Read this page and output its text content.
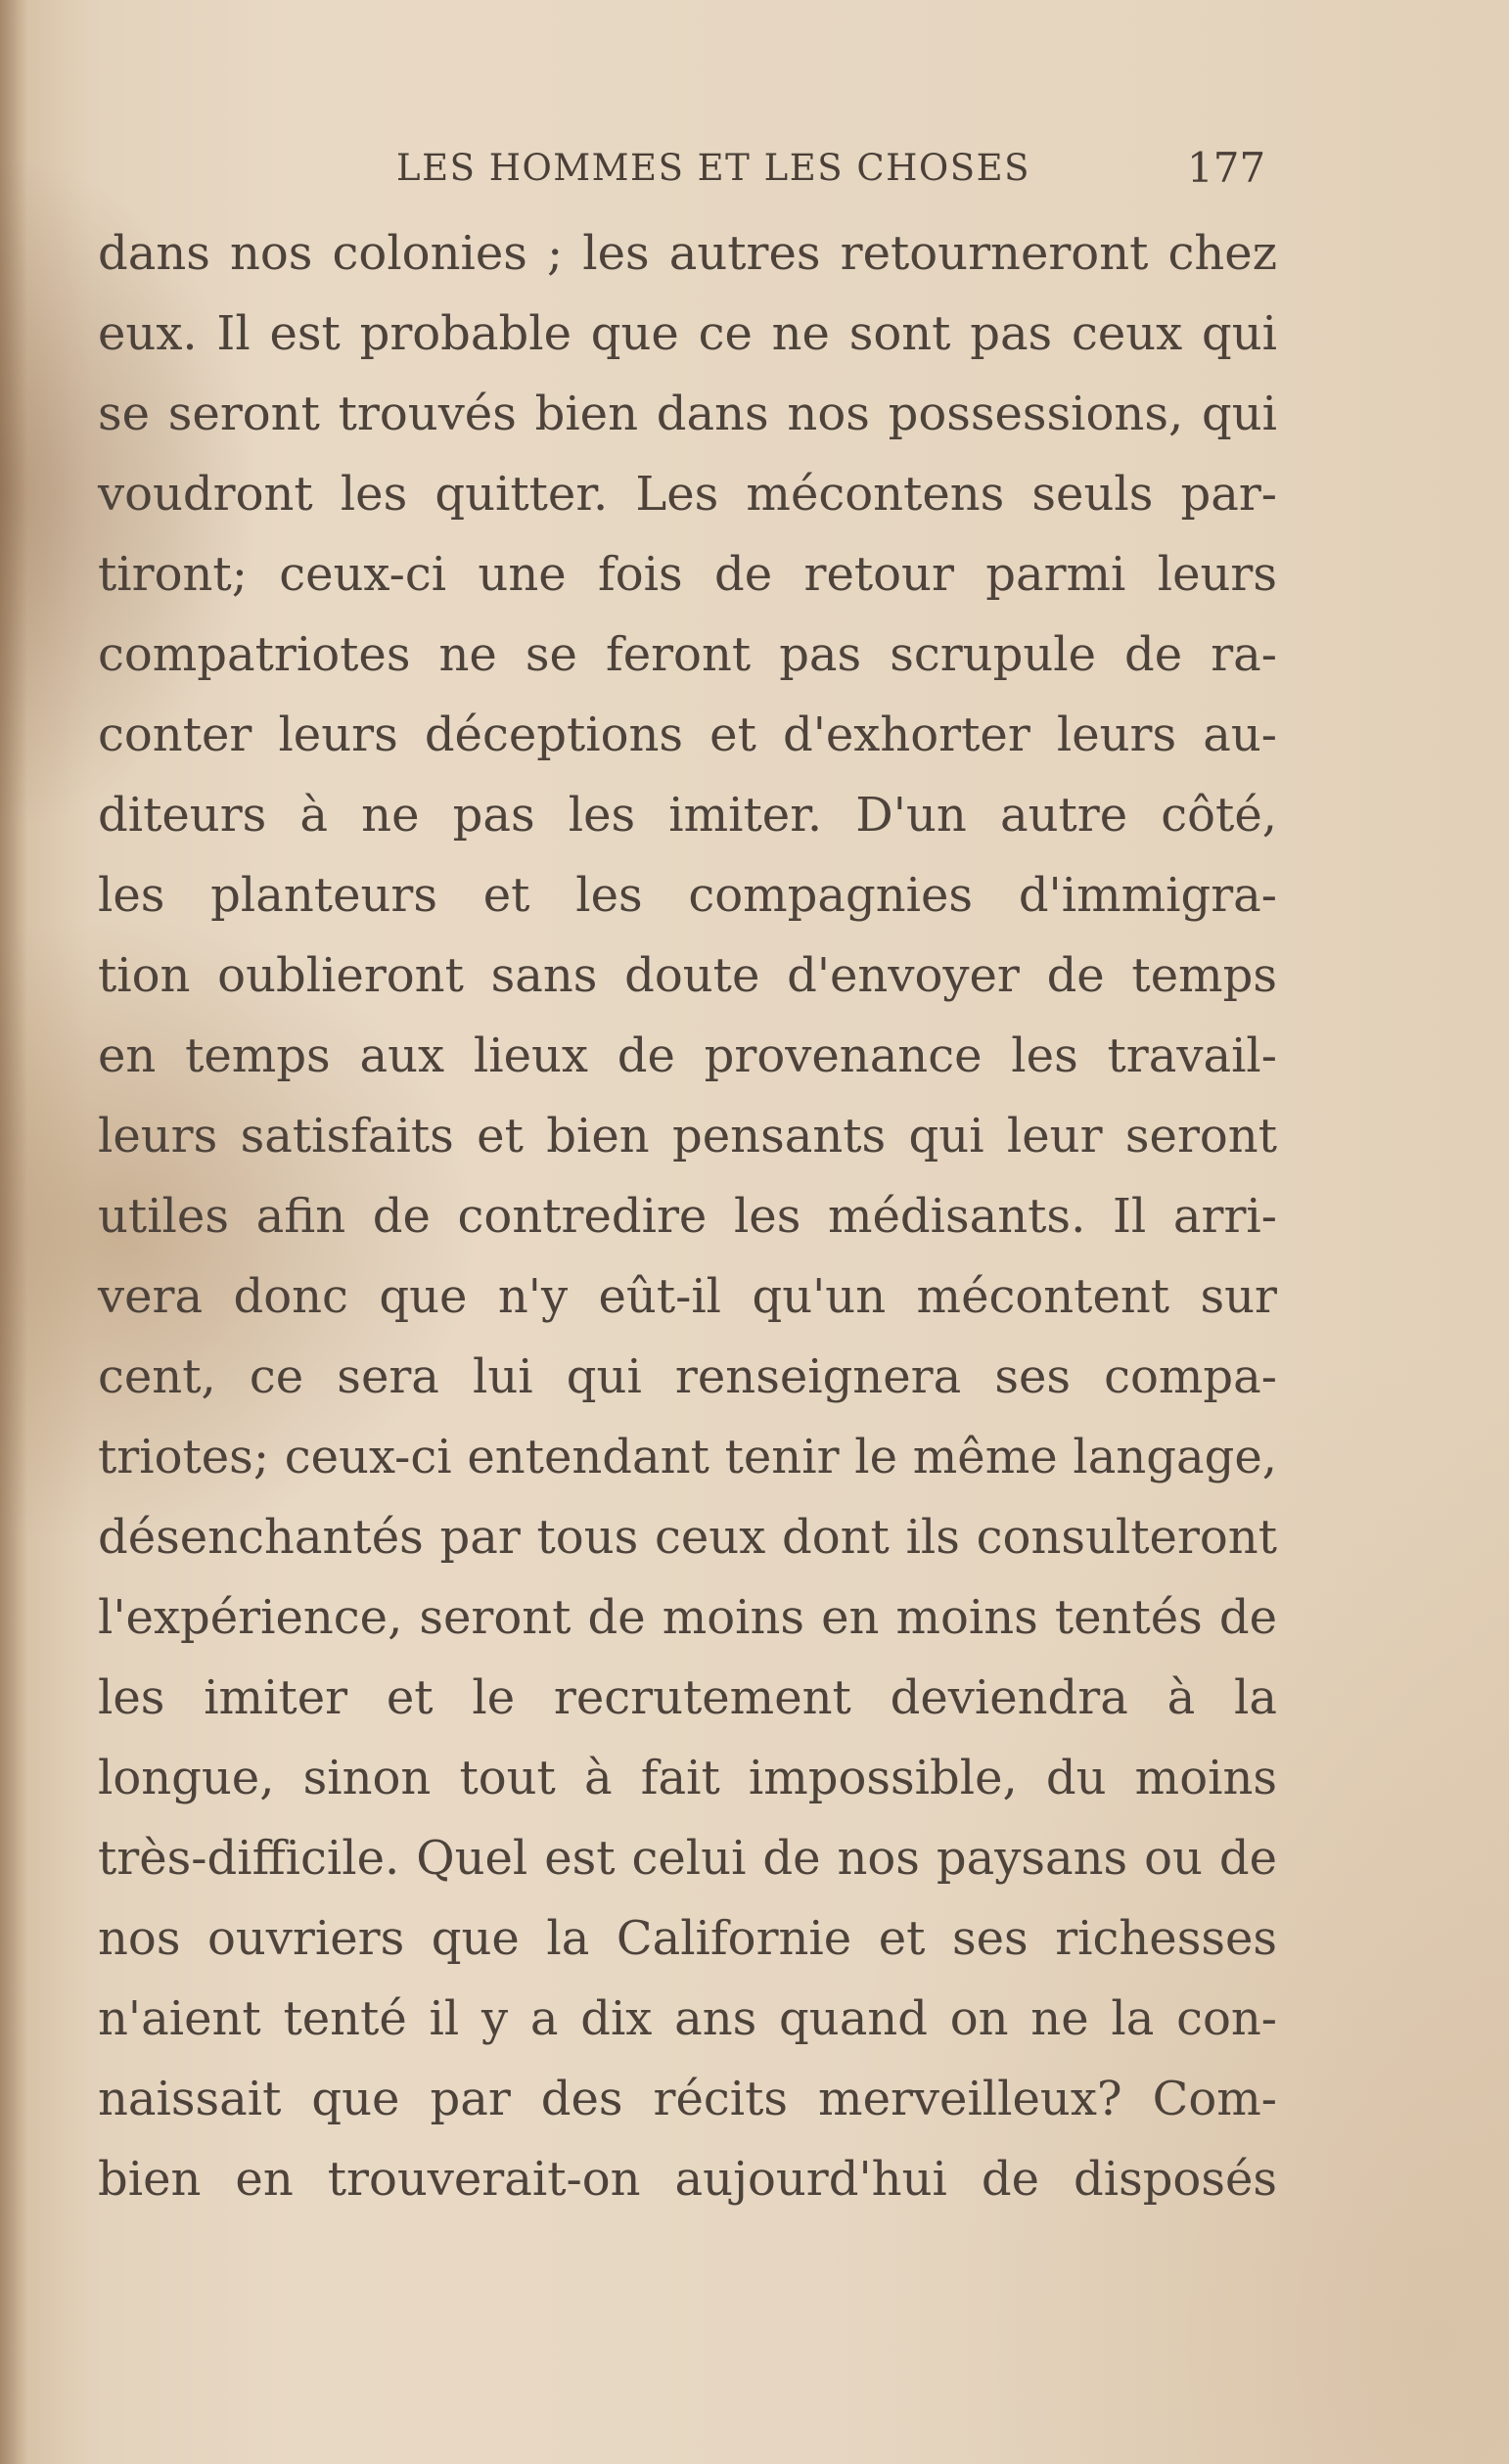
LES HOMMES ET LES CHOSES	177
dans nos colonies ; les autres retourneront chez
eux. Il est probable que ce ne sont pas ceux qui
se seront trouvés bien dans nos possessions, qui
voudront les quitter. Les mécontens seuls par-
tiront; ceux-ci une fois de retour parmi leurs
compatriotes ne se feront pas scrupule de ra-
conter leurs déceptions et d'exhorter leurs au-
diteurs à ne pas les imiter. D'un autre côté,
les planteurs et les compagnies d'immigra-
tion oublieront sans doute d'envoyer de temps
en temps aux lieux de provenance les travail-
leurs satisfaits et bien pensants qui leur seront
utiles afin de contredire les médisants. Il arri-
vera donc que n'y eût-il qu'un mécontent sur
cent, ce sera lui qui renseignera ses compa-
triotes; ceux-ci entendant tenir le même langage,
désenchantés par tous ceux dont ils consulteront
l'expérience, seront de moins en moins tentés de
les imiter et le recrutement deviendra à la
longue, sinon tout à fait impossible, du moins
très-difficile. Quel est celui de nos paysans ou de
nos ouvriers que la Californie et ses richesses
n'aient tenté il y a dix ans quand on ne la con-
naissait que par des récits merveilleux? Com-
bien en trouverait-on aujourd'hui de disposés
